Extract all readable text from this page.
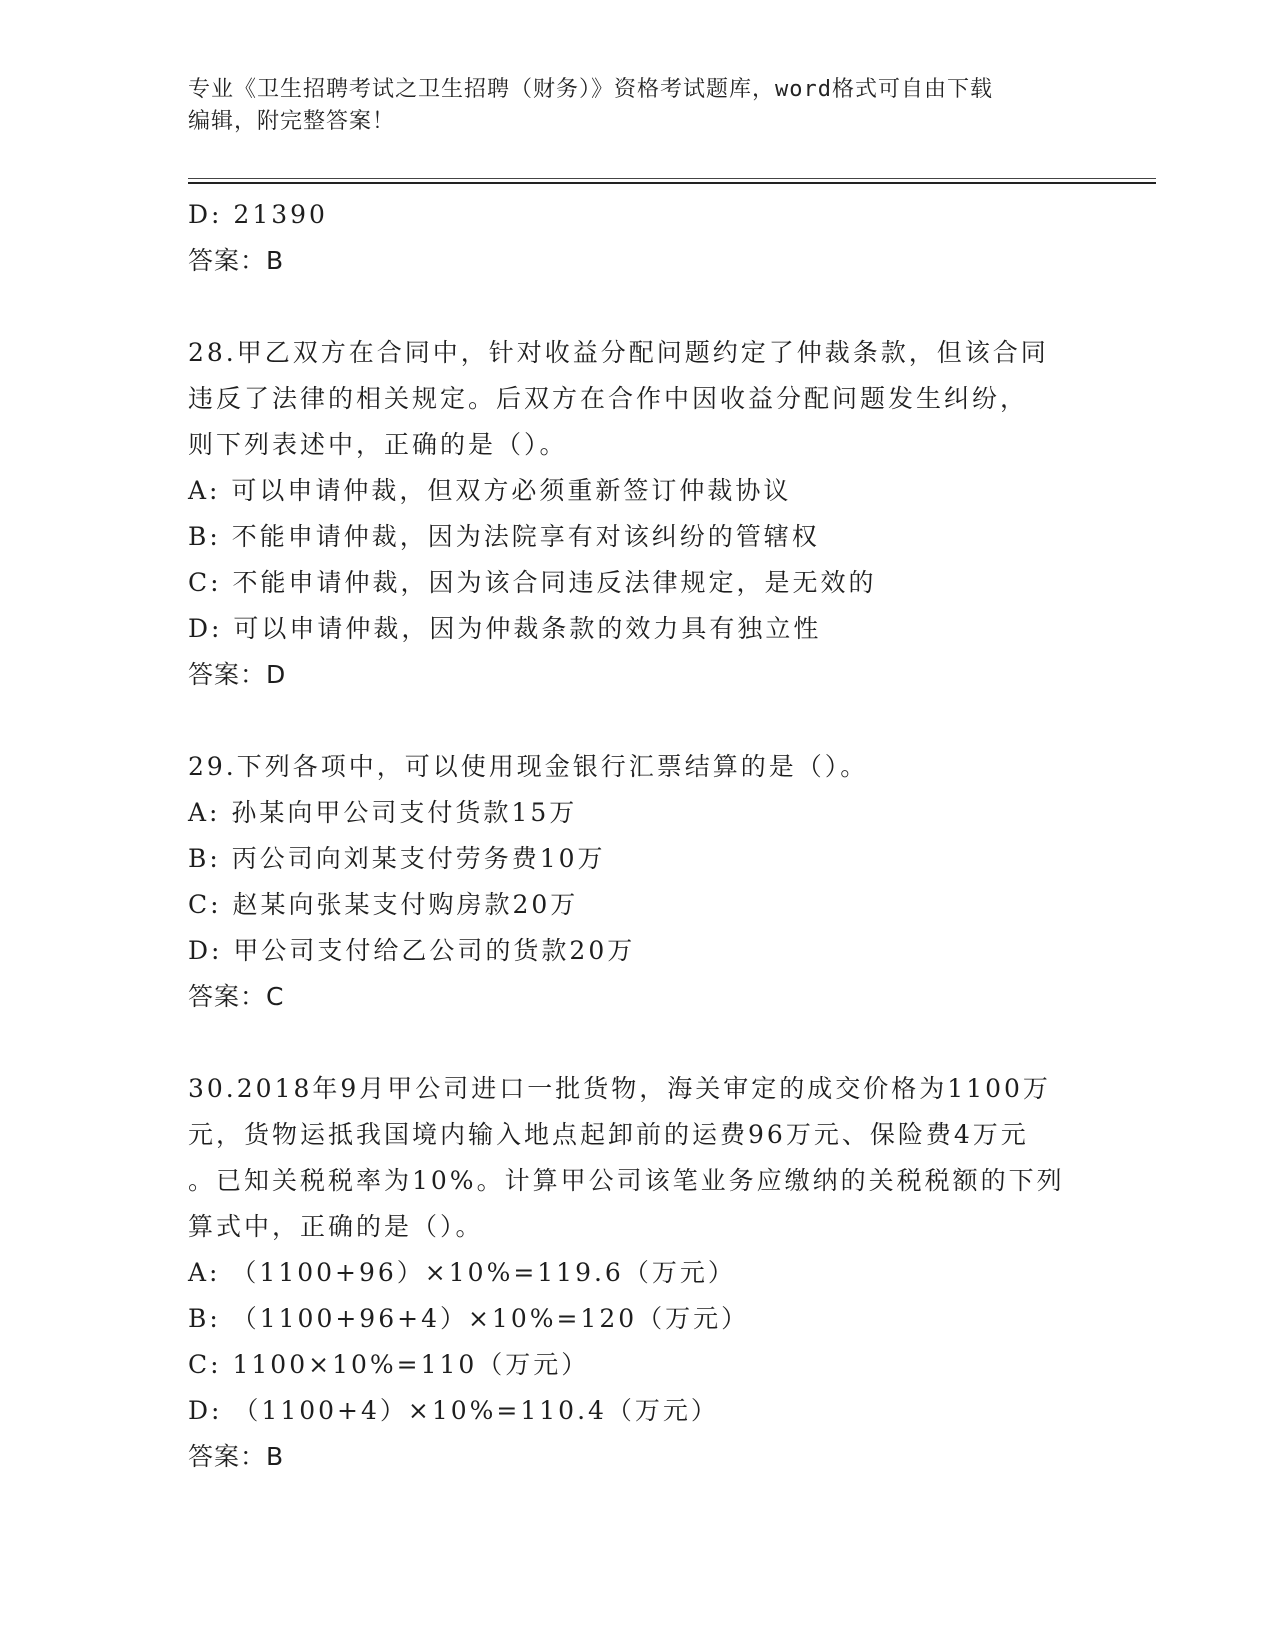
专业《卫生招聘考试之卫生招聘（财务）》资格考试题库，word格式可自由下载
编辑，附完整答案！
D: 21390
答案：B
28.甲乙双方在合同中，针对收益分配问题约定了仲裁条款，但该合同
违反了法律的相关规定。后双方在合作中因收益分配问题发生纠纷，
则下列表述中，正确的是（）。
A: 可以申请仲裁，但双方必须重新签订仲裁协议
B: 不能申请仲裁，因为法院享有对该纠纷的管辖权
C: 不能申请仲裁，因为该合同违反法律规定，是无效的
D: 可以申请仲裁，因为仲裁条款的效力具有独立性
答案：D
29.下列各项中，可以使用现金银行汇票结算的是（）。
A: 孙某向甲公司支付货款15万
B: 丙公司向刘某支付劳务费10万
C: 赵某向张某支付购房款20万
D: 甲公司支付给乙公司的货款20万
答案：C
30.2018年9月甲公司进口一批货物，海关审定的成交价格为1100万
元，货物运抵我国境内输入地点起卸前的运费96万元、保险费4万元
。已知关税税率为10%。计算甲公司该笔业务应缴纳的关税税额的下列
算式中，正确的是（）。
A: （1100+96）×10%=119.6（万元）
B: （1100+96+4）×10%=120（万元）
C: 1100×10%=110（万元）
D: （1100+4）×10%=110.4（万元）
答案：B
